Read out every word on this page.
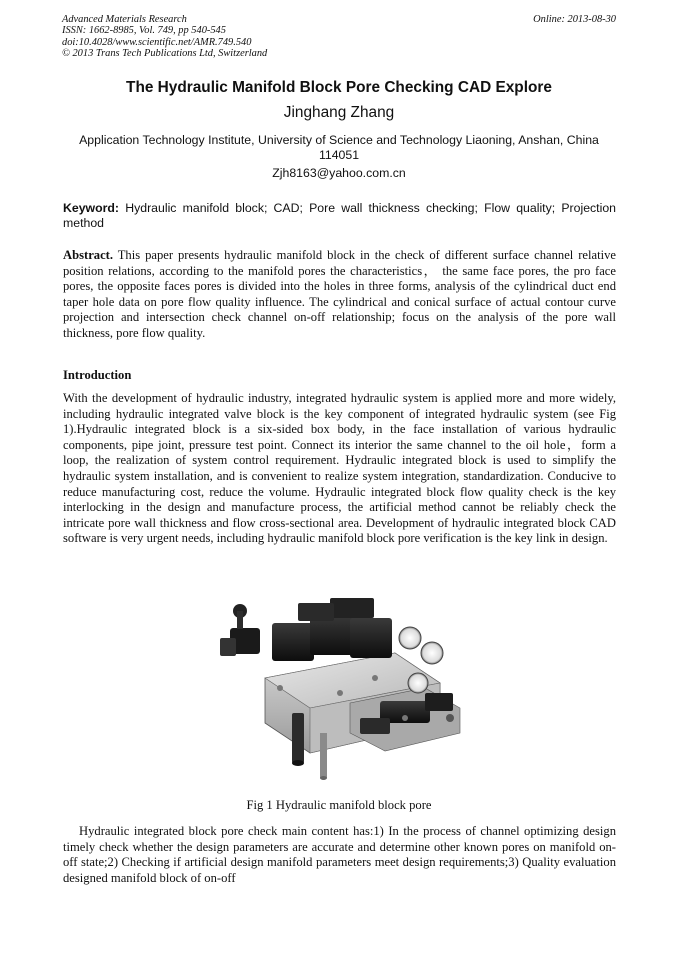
Advanced Materials Research
ISSN: 1662-8985, Vol. 749, pp 540-545
doi:10.4028/www.scientific.net/AMR.749.540
© 2013 Trans Tech Publications Ltd, Switzerland
Online: 2013-08-30
The Hydraulic Manifold Block Pore Checking CAD Explore
Jinghang Zhang
Application Technology Institute, University of Science and Technology Liaoning, Anshan, China 114051
Zjh8163@yahoo.com.cn
Keyword: Hydraulic manifold block; CAD; Pore wall thickness checking; Flow quality; Projection method
Abstract. This paper presents hydraulic manifold block in the check of different surface channel relative position relations, according to the manifold pores the characteristics， the same face pores, the pro face pores, the opposite faces pores is divided into the holes in three forms, analysis of the cylindrical duct end taper hole data on pore flow quality influence. The cylindrical and conical surface of actual contour curve projection and intersection check channel on-off relationship; focus on the analysis of the pore wall thickness, pore flow quality.
Introduction
With the development of hydraulic industry, integrated hydraulic system is applied more and more widely, including hydraulic integrated valve block is the key component of integrated hydraulic system (see Fig 1).Hydraulic integrated block is a six-sided box body, in the face installation of various hydraulic components, pipe joint, pressure test point. Connect its interior the same channel to the oil hole，form a loop, the realization of system control requirement. Hydraulic integrated block is used to simplify the hydraulic system installation, and is convenient to realize system integration, standardization. Conducive to reduce manufacturing cost, reduce the volume. Hydraulic integrated block flow quality check is the key interlocking in the design and manufacture process, the artificial method cannot be reliably check the intricate pore wall thickness and flow cross-sectional area. Development of hydraulic integrated block CAD software is very urgent needs, including hydraulic manifold block pore verification is the key link in design.
Fig 1 Hydraulic manifold block pore
Hydraulic integrated block pore check main content has:1) In the process of channel optimizing design timely check whether the design parameters are accurate and determine other known pores on manifold on-off state;2) Checking if artificial design manifold parameters meet design requirements;3) Quality evaluation designed manifold block of on-off
